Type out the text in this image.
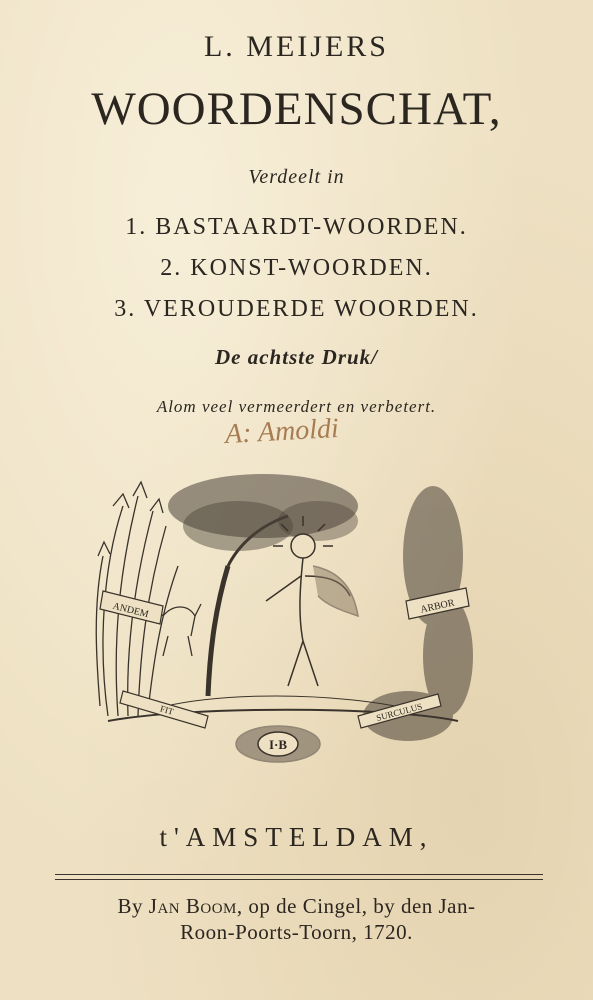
L. MEIJERS
WOORDENSCHAT,
Verdeelt in
1. BASTAARDT-WOORDEN.
2. KONST-WOORDEN.
3. VEROUDERDE WOORDEN.
De achtste Druk/
Alom veel vermeerdert en verbetert.
A: Amoldi
ANDEM	ARBOR
FIT	SURCULUS
I·B
t'AMSTELDAM,
By Jan Boom, op de Cingel, by den Jan-
Roon-Poorts-Toorn, 1720.
